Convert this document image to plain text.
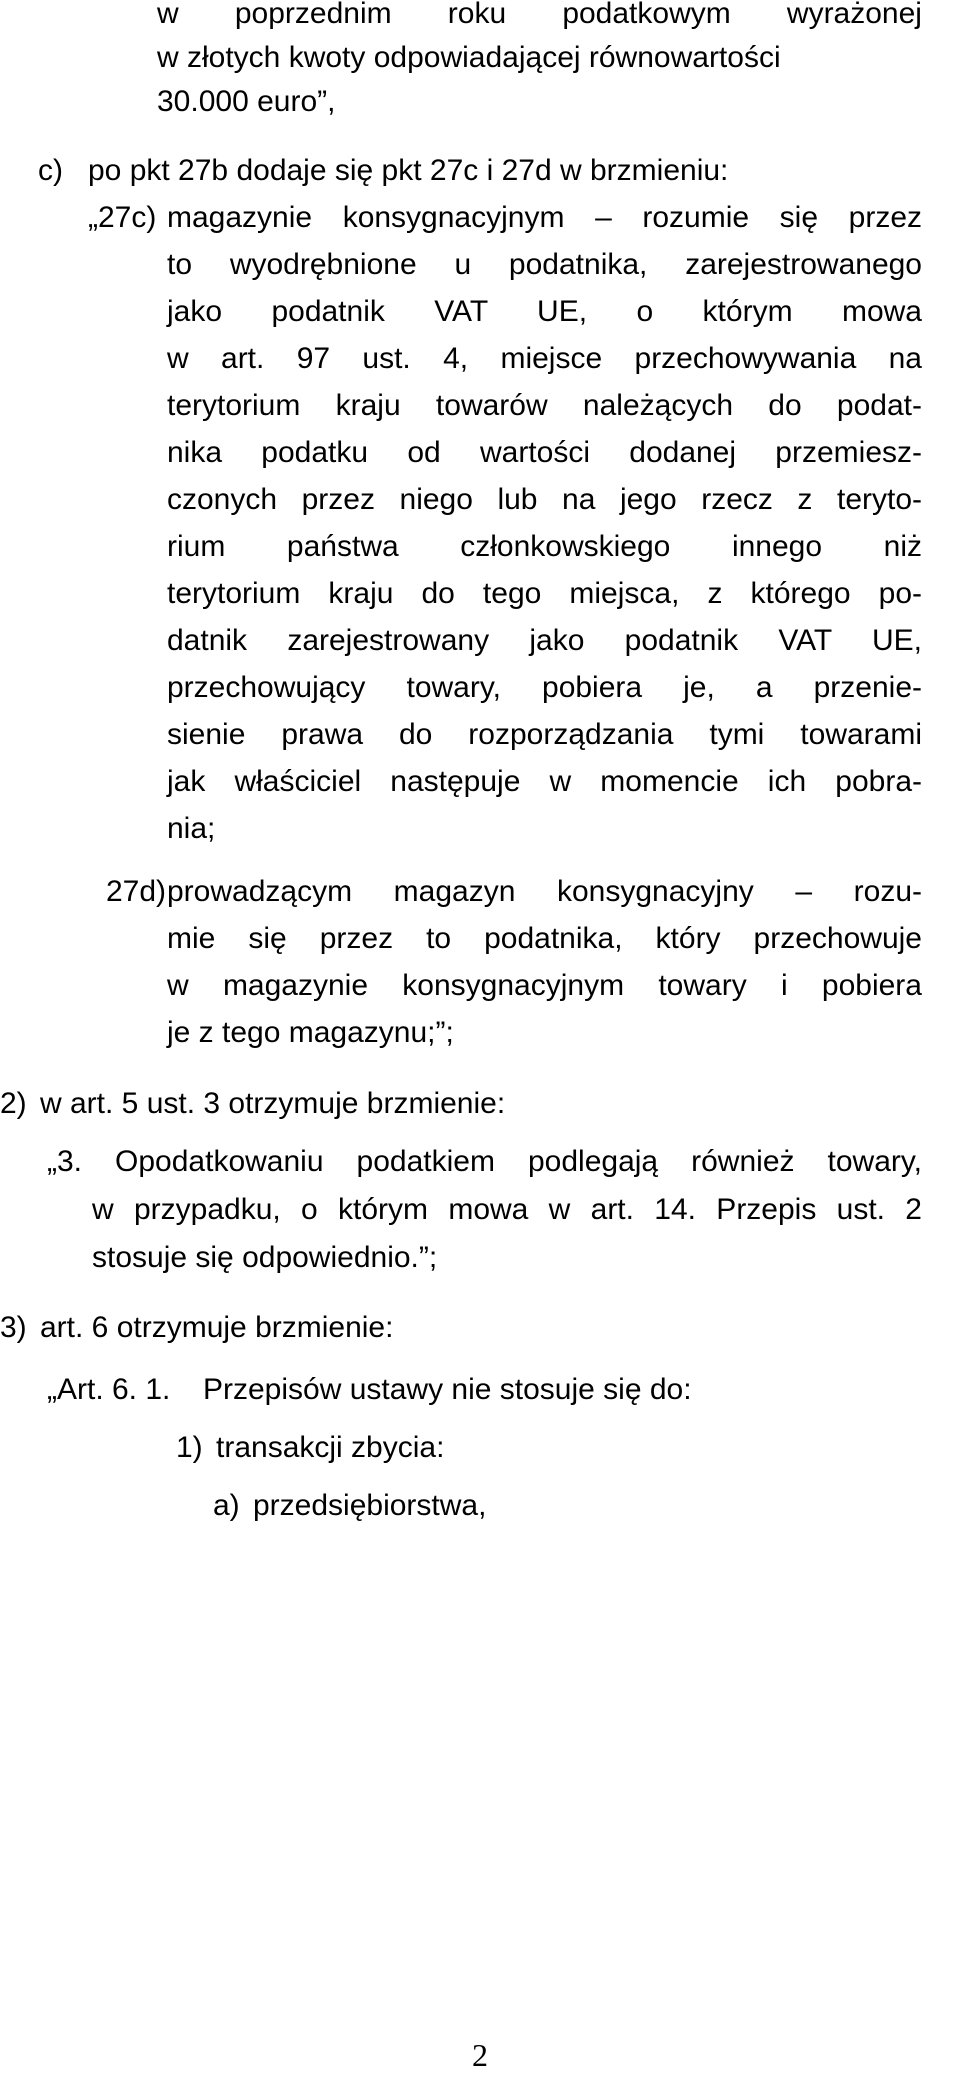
w poprzednim roku podatkowym wyrażonej
w złotych kwoty odpowiadającej równowartości
30.000 euro”,
c) po pkt 27b dodaje się pkt 27c i 27d w brzmieniu:
„27c) magazynie konsygnacyjnym – rozumie się przez
to wyodrębnione u podatnika, zarejestrowanego
jako podatnik VAT UE, o którym mowa
w art. 97 ust. 4, miejsce przechowywania na
terytorium kraju towarów należących do podat-
nika podatku od wartości dodanej przemiesz-
czonych przez niego lub na jego rzecz z teryto-
rium państwa członkowskiego innego niż
terytorium kraju do tego miejsca, z którego po-
datnik zarejestrowany jako podatnik VAT UE,
przechowujący towary, pobiera je, a przenie-
sienie prawa do rozporządzania tymi towarami
jak właściciel następuje w momencie ich pobra-
nia;
27d) prowadzącym magazyn konsygnacyjny – rozu-
mie się przez to podatnika, który przechowuje
w magazynie konsygnacyjnym towary i pobiera
je z tego magazynu;”;
2) w art. 5 ust. 3 otrzymuje brzmienie:
„3. Opodatkowaniu podatkiem podlegają również towary,
w przypadku, o którym mowa w art. 14. Przepis ust. 2
stosuje się odpowiednio.”;
3) art. 6 otrzymuje brzmienie:
„Art. 6. 1. Przepisów ustawy nie stosuje się do:
1) transakcji zbycia:
a) przedsiębiorstwa,
2
